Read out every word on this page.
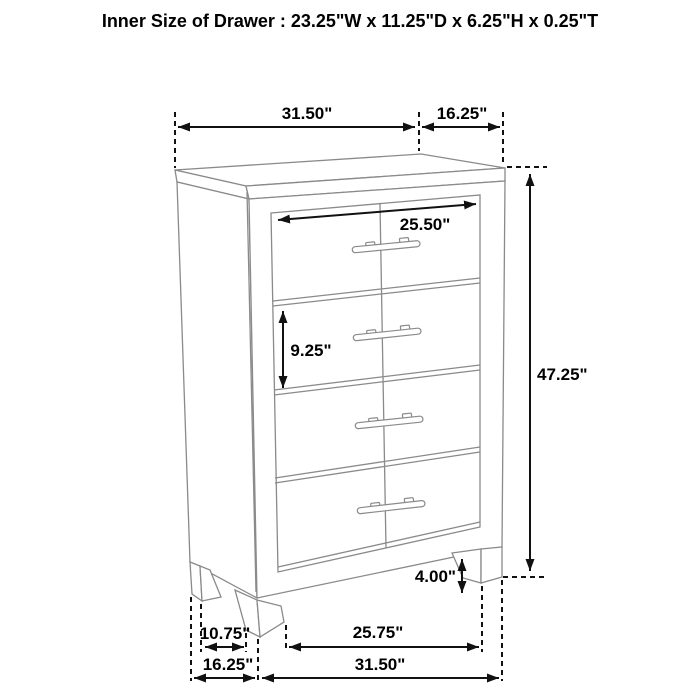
31.50"	16.25"
25.50"
9.25"
47.25"
4.00"
10.75"	25.75"
16.25"	31.50"
Inner Size of Drawer : 23.25"W x 11.25"D x 6.25"H x 0.25"T
